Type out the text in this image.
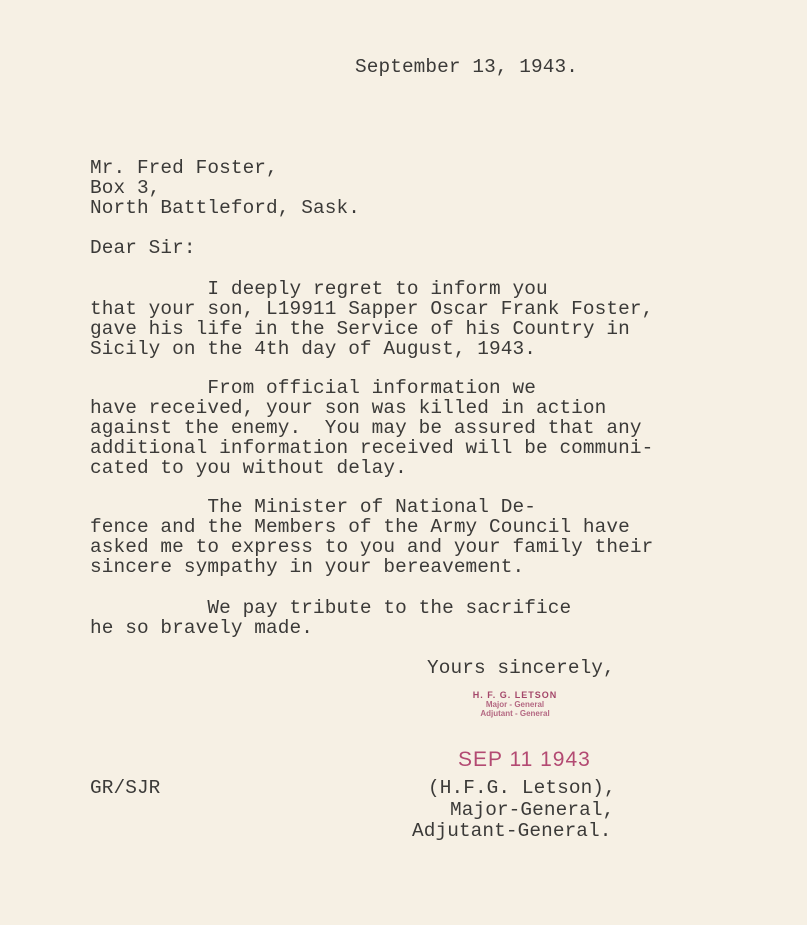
September 13, 1943.
Mr. Fred Foster,
Box 3,
North Battleford, Sask.
Dear Sir:
I deeply regret to inform you
that your son, L19911 Sapper Oscar Frank Foster,
gave his life in the Service of his Country in
Sicily on the 4th day of August, 1943.
From official information we
have received, your son was killed in action
against the enemy.  You may be assured that any
additional information received will be communi-
cated to you without delay.
The Minister of National De-
fence and the Members of the Army Council have
asked me to express to you and your family their
sincere sympathy in your bereavement.
We pay tribute to the sacrifice
he so bravely made.
Yours sincerely,
H. F. G. LETSON
Major - General
Adjutant - General
SEP 11 1943
GR/SJR	(H.F.G. Letson),
Major-General,
Adjutant-General.
